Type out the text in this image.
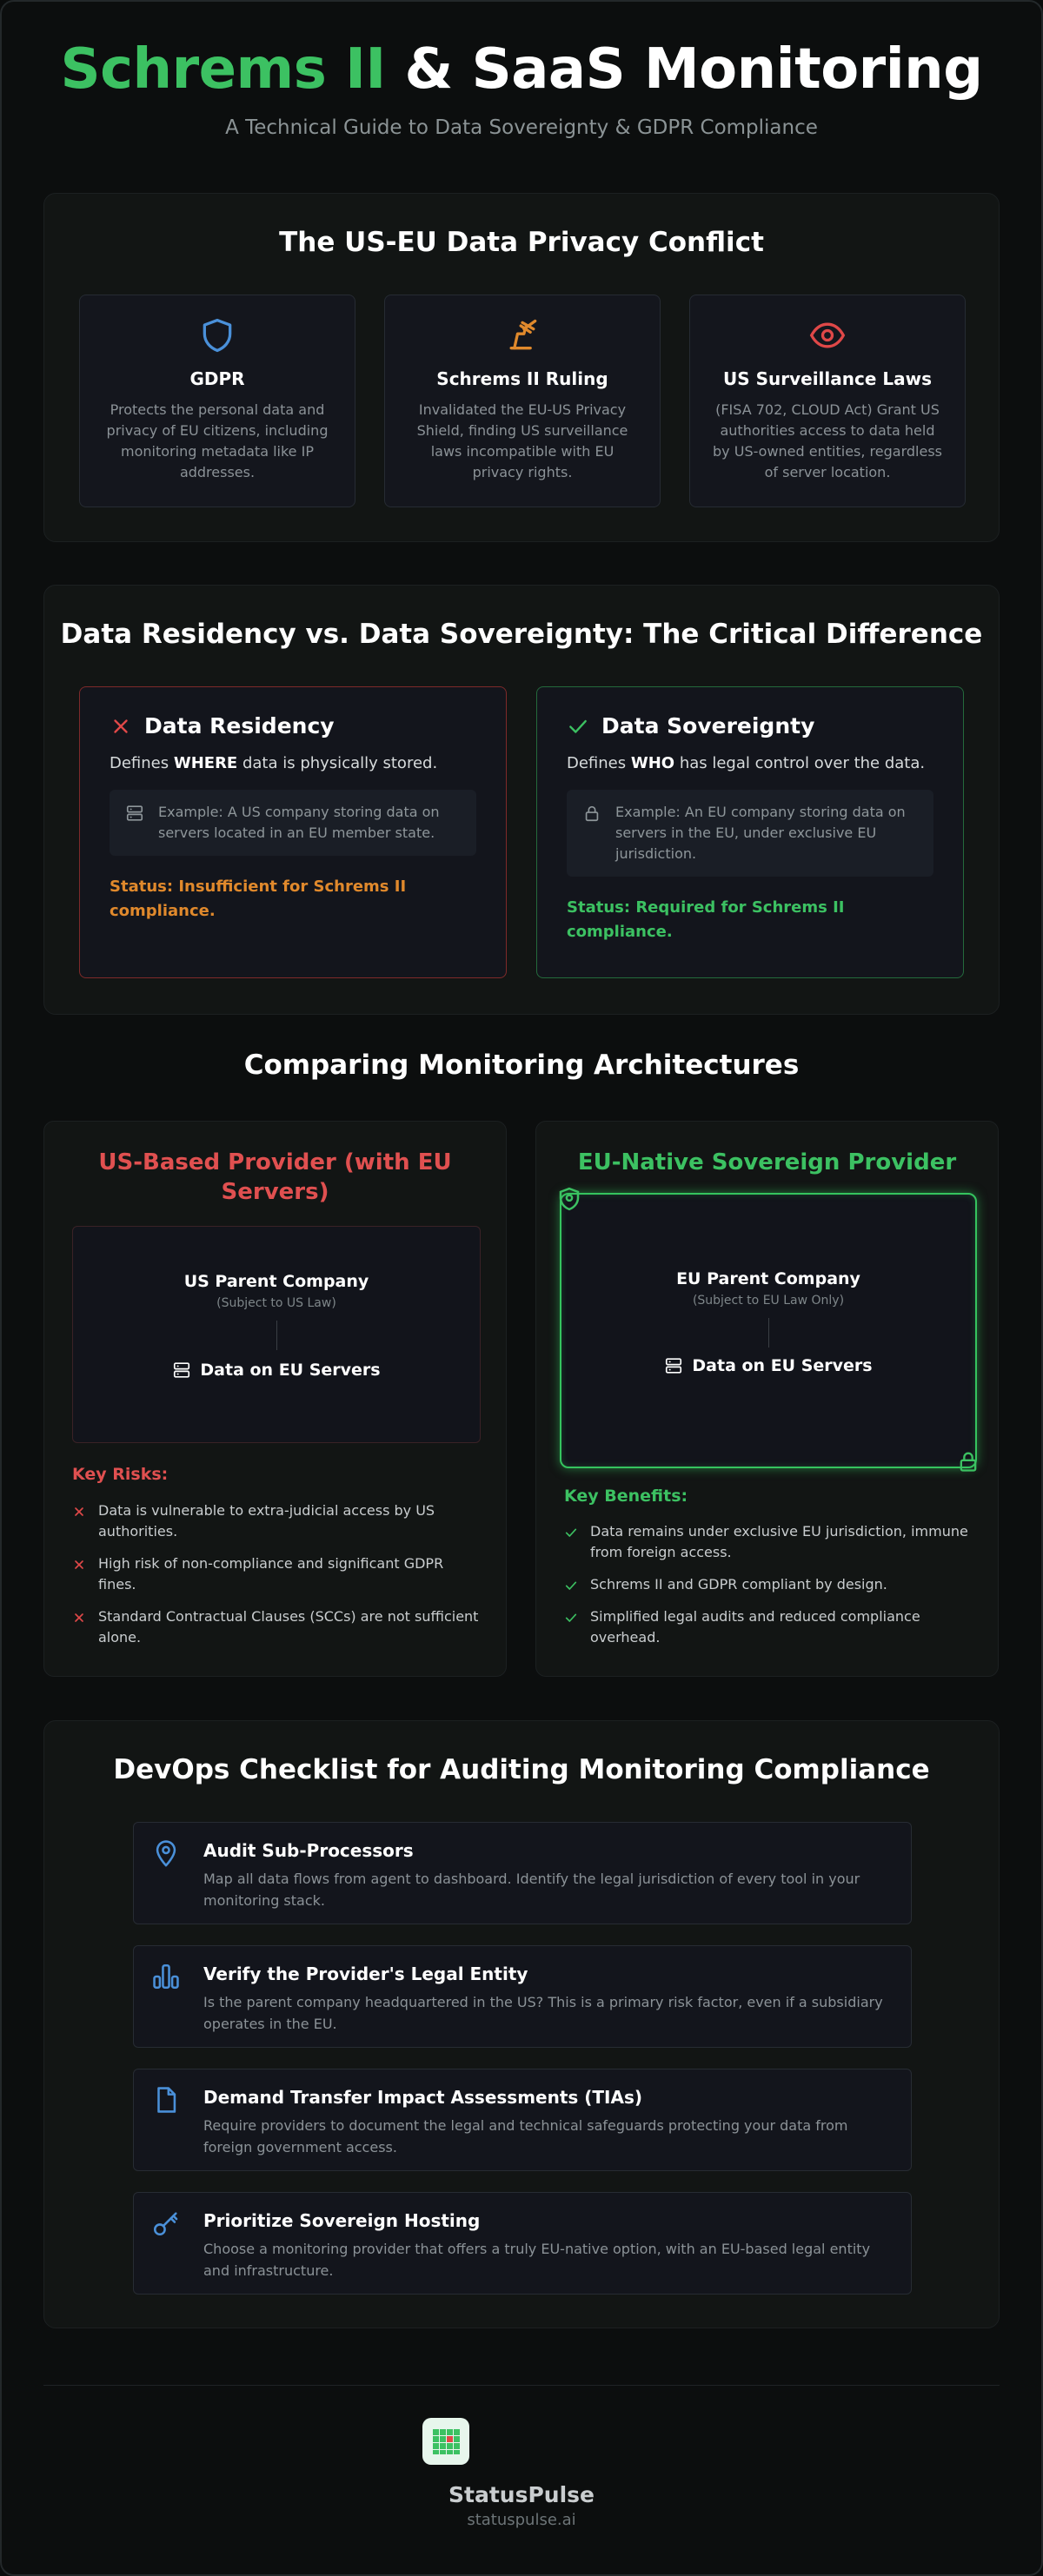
Schrems II & SaaS Monitoring
A Technical Guide to Data Sovereignty & GDPR Compliance
The US-EU Data Privacy Conflict
GDPR
Protects the personal data and privacy of EU citizens, including monitoring metadata like IP addresses.
Schrems II Ruling
Invalidated the EU-US Privacy Shield, finding US surveillance laws incompatible with EU privacy rights.
US Surveillance Laws
(FISA 702, CLOUD Act) Grant US authorities access to data held by US-owned entities, regardless of server location.
Data Residency vs. Data Sovereignty: The Critical Difference
Data Residency
Defines WHERE data is physically stored.
Example: A US company storing data on servers located in an EU member state.
Status: Insufficient for Schrems II compliance.
Data Sovereignty
Defines WHO has legal control over the data.
Example: An EU company storing data on servers in the EU, under exclusive EU jurisdiction.
Status: Required for Schrems II compliance.
Comparing Monitoring Architectures
US-Based Provider (with EU Servers)
US Parent Company
(Subject to US Law)
Data on EU Servers
Key Risks:
Data is vulnerable to extra-judicial access by US authorities.
High risk of non-compliance and significant GDPR fines.
Standard Contractual Clauses (SCCs) are not sufficient alone.
EU-Native Sovereign Provider
EU Parent Company
(Subject to EU Law Only)
Data on EU Servers
Key Benefits:
Data remains under exclusive EU jurisdiction, immune from foreign access.
Schrems II and GDPR compliant by design.
Simplified legal audits and reduced compliance overhead.
DevOps Checklist for Auditing Monitoring Compliance
Audit Sub-Processors
Map all data flows from agent to dashboard. Identify the legal jurisdiction of every tool in your monitoring stack.
Verify the Provider's Legal Entity
Is the parent company headquartered in the US? This is a primary risk factor, even if a subsidiary operates in the EU.
Demand Transfer Impact Assessments (TIAs)
Require providers to document the legal and technical safeguards protecting your data from foreign government access.
Prioritize Sovereign Hosting
Choose a monitoring provider that offers a truly EU-native option, with an EU-based legal entity and infrastructure.
StatusPulse
statuspulse.ai
